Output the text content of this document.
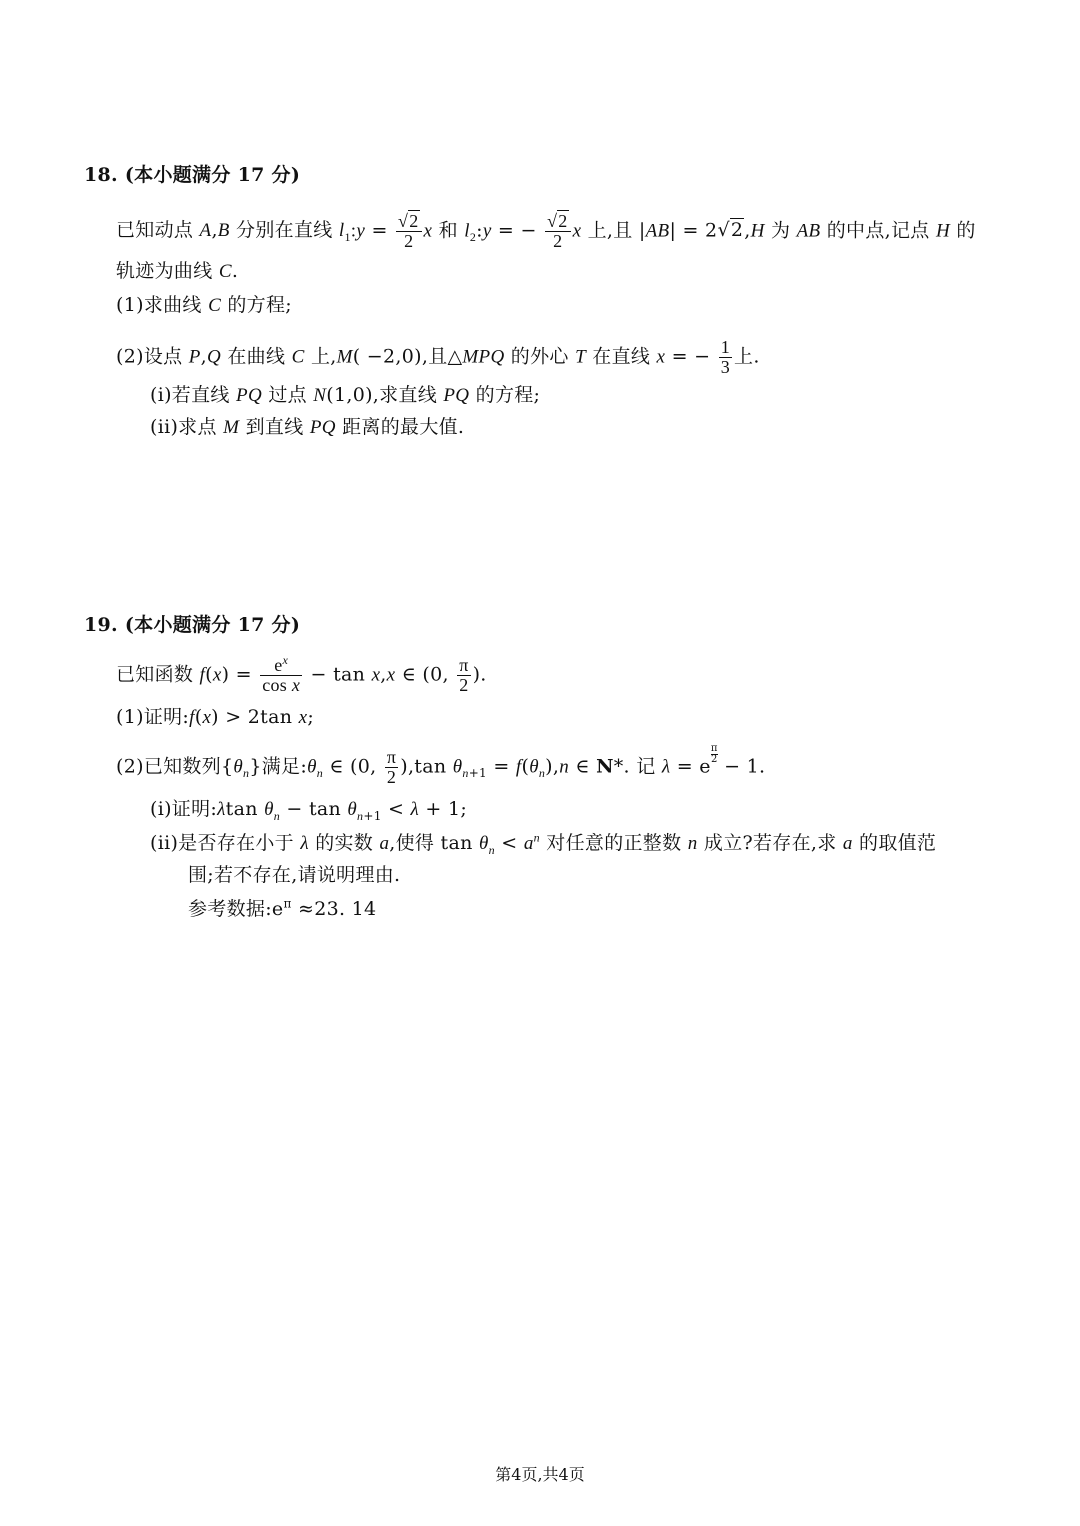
18. (本小题满分 17 分)
已知动点 A,B 分别在直线 $l_1:y = \frac{√2}{2}$ x 和 $l_2:y$ = − $\frac{√2}{2}$ x 上,且 |AB| = 2√2,H 为 AB 的中点,记点 H 的
轨迹为曲线 C.
(1)求曲线 C 的方程;
(2)设点 P,Q 在曲线 C 上,M( −2,0),且△MPQ 的外心 T 在直线 x = − $\frac{1}{3}$ 上.
(i)若直线 PQ 过点 N(1,0),求直线 PQ 的方程;
(ii)求点 M 到直线 PQ 距离的最大值.
19. (本小题满分 17 分)
已知函数 $f(x) = \frac{e^x}{\text{cos x}} - \tan x,x$ ∈ (0, $\frac{\pi}{2}$ ).
(1)证明:f(x) > 2tan x;
(2)已知数列$\{\theta_n\}$满足$:\theta_n$ ∈ (0, $\frac{\pi}{2} ),\tan$ $\theta_{n+1} = f(\theta_n),n$ ∈ N*. 记 λ = e
$\frac{\pi}{2}$
− 1.
(i)证明:λtan $\theta_n - \tan \theta_{n+1} < \lambda + 1$;
(ii)是否存在小于 λ 的实数 a,使得 $\tan \theta_n < a^n$ 对任意的正整数 n 成立?若存在,求 a 的取值范
围;若不存在,请说明理由.
参考数据$:e^\pi \approx 23$. 14
第4页,共4页
